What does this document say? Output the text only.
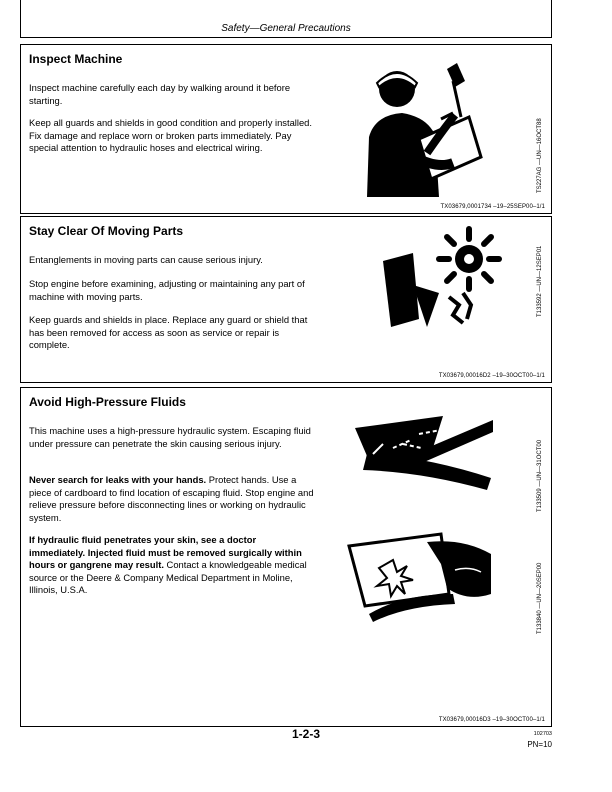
Safety—General Precautions
Inspect Machine

Inspect machine carefully each day by walking around it before starting.

Keep all guards and shields in good condition and properly installed. Fix damage and replace worn or broken parts immediately. Pay special attention to hydraulic hoses and electrical wiring.	TS227AG —UN—16OCT88
TX03679,0001734 –19–25SEP00–1/1
Stay Clear Of Moving Parts

Entanglements in moving parts can cause serious injury.

Stop engine before examining, adjusting or maintaining any part of machine with moving parts.

Keep guards and shields in place. Replace any guard or shield that has been removed for access as soon as service or repair is complete.

T133592 —UN—12SEP01
TX03679,00016D2 –19–30OCT00–1/1
Avoid High-Pressure Fluids

This machine uses a high-pressure hydraulic system. Escaping fluid under pressure can penetrate the skin causing serious injury.

Never search for leaks with your hands. Protect hands. Use a piece of cardboard to find location of escaping fluid. Stop engine and relieve pressure before disconnecting lines or working on hydraulic system.

If hydraulic fluid penetrates your skin, see a doctor immediately. Injected fluid must be removed surgically within hours or gangrene may result. Contact a knowledgeable medical source or the Deere & Company Medical Department in Moline, Illinois, U.S.A.

T133509 —UN—31OCT00
T133840 —UN—20SEP00
TX03679,00016D3 –19–30OCT00–1/1
1-2-3	102703
PN=10
